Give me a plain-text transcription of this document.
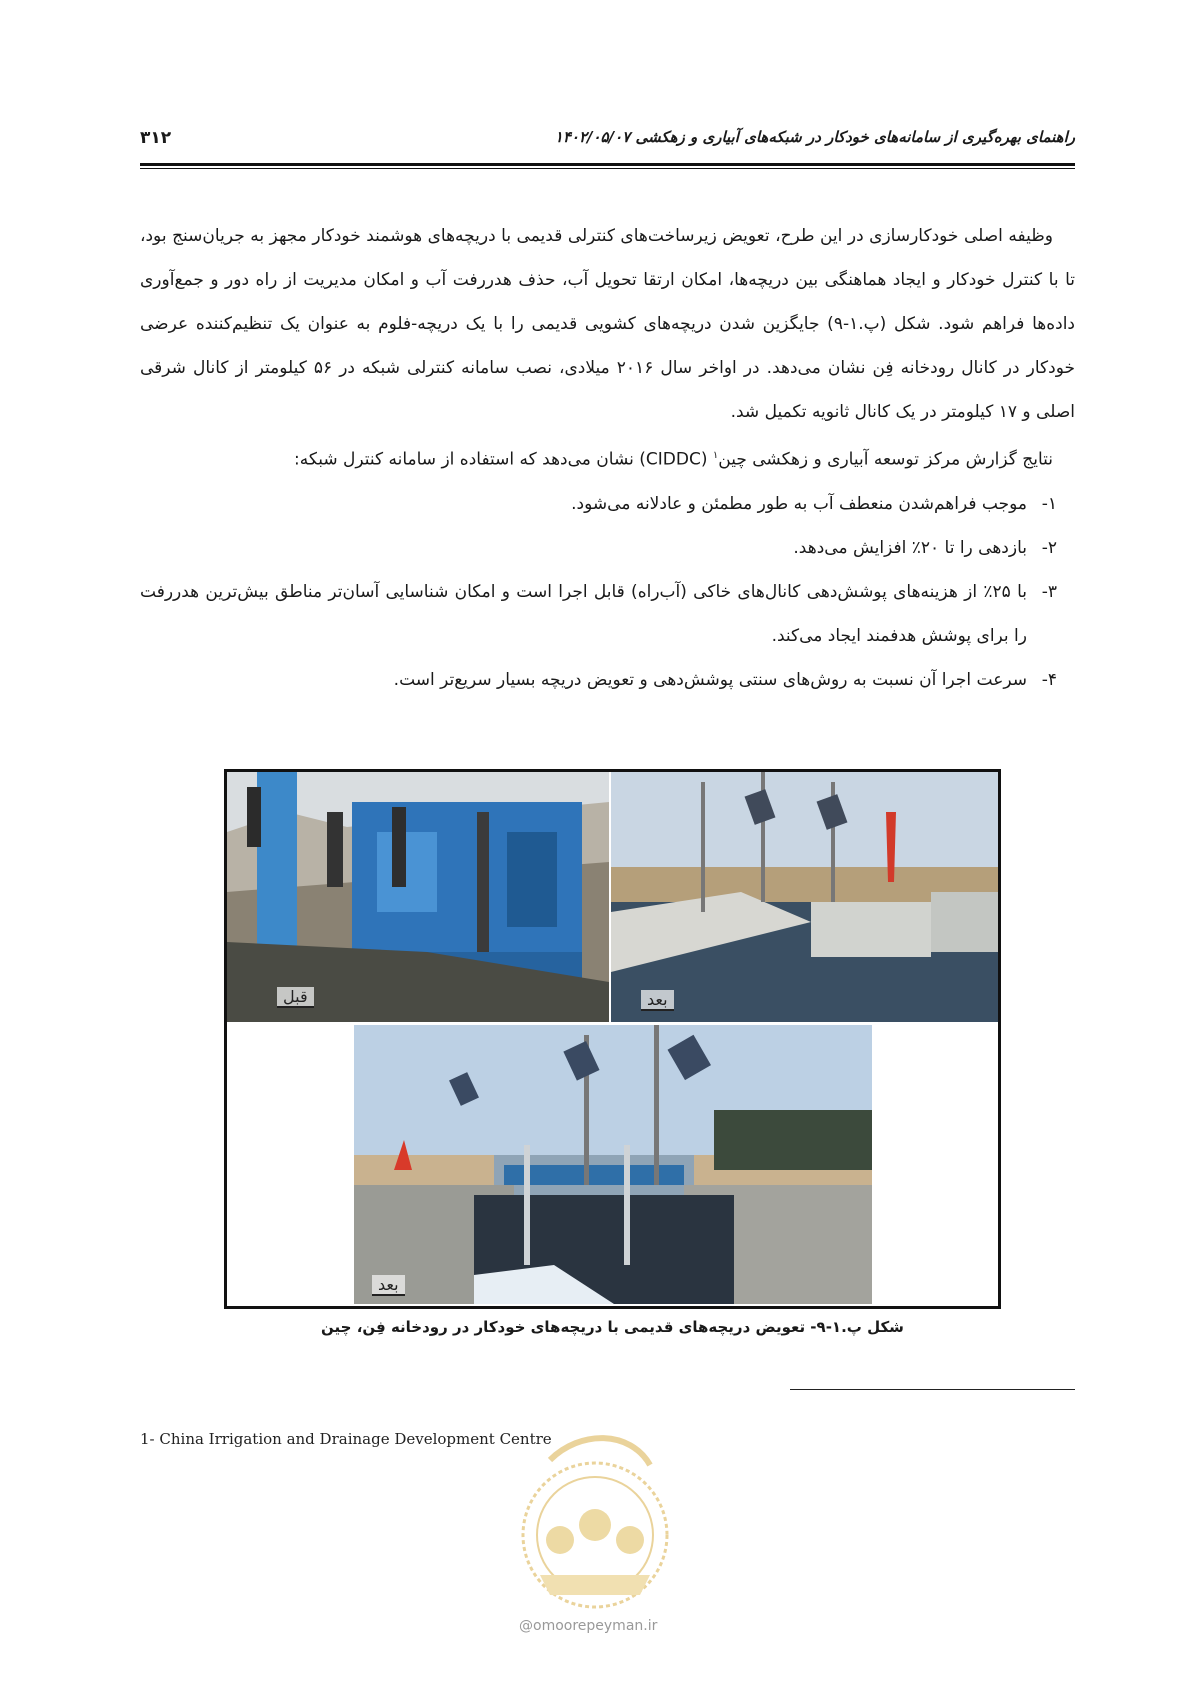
۳۱۲	راهنمای بهره‌گیری از سامانه‌های خودکار در شبکه‌های آبیاری و زهکشی ۱۴۰۲/۰۵/۰۷

وظیفه اصلی خودکارسازی در این طرح، تعویض زیرساخت‌های کنترلی قدیمی با دریچه‌های هوشمند خودکار مجهز به جریان‌سنج بود، تا با کنترل خودکار و ایجاد هماهنگی بین دریچه‌ها، امکان ارتقا تحویل آب، حذف هدررفت آب و امکان مدیریت از راه دور و جمع‌آوری داده‌ها فراهم شود. شکل (پ.۱-۹) جایگزین شدن دریچه‌های کشویی قدیمی را با یک دریچه-فلوم به عنوان یک تنظیم‌کننده عرضی خودکار در کانال رودخانه فِن نشان می‌دهد. در اواخر سال ۲۰۱۶ میلادی، نصب سامانه کنترلی شبکه در ۵۶ کیلومتر از کانال شرقی اصلی و ۱۷ کیلومتر در یک کانال ثانویه تکمیل شد.

نتایج گزارش مرکز توسعه آبیاری و زهکشی چین$^۱$ (CIDDC) نشان می‌دهد که استفاده از سامانه کنترل شبکه:

۱-
موجب فراهم‌شدن منعطف آب به طور مطمئن و عادلانه می‌شود.
۲-
بازدهی را تا ۲۰٪ افزایش می‌دهد.
۳-
با ۲۵٪ از هزینه‌های پوشش‌دهی کانال‌های خاکی (آب‌راه) قابل اجرا است و امکان شناسایی آسان‌تر مناطق بیش‌ترین هدررفت را برای پوشش هدفمند ایجاد می‌کند.
۴-
سرعت اجرا آن نسبت به روش‌های سنتی پوشش‌دهی و تعویض دریچه بسیار سریع‌تر است.
قبل	بعد
بعد
شکل پ.۱-۹- تعویض دریچه‌های قدیمی با دریچه‌های خودکار در رودخانه فِن، چین
1- China Irrigation and Drainage Development Centre
@omoorepeyman.ir
